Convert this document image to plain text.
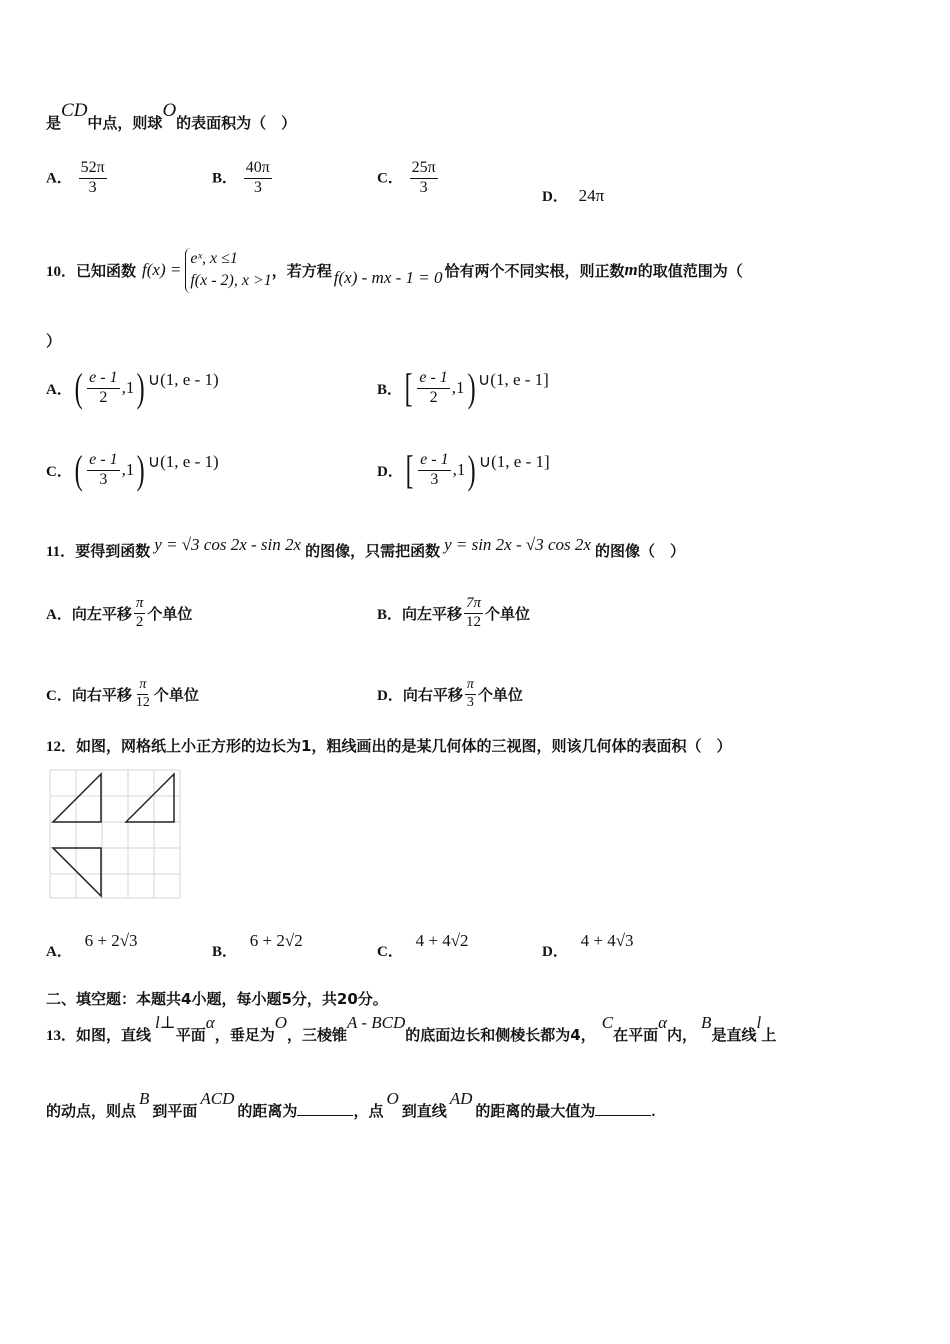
是CD中点，则球O的表面积为（　）
A． $\frac{52\pi}{3}$	B． $\frac{40\pi}{3}$	C． $\frac{25\pi}{3}$
D． 24π
10． 已知函数 f(x) =
eˣ, x ≤1
f(x - 2), x >1
，若方程 f(x) - mx - 1 = 0 恰有两个不同实根，则正数 m 的取值范围为（
）
A． ( $\frac{e - 1}{2} ,1$ ) ∪(1, e - 1)
B． [ $\frac{e - 1}{2} ,1$ ) ∪(1, e - 1]
C． ( $\frac{e - 1}{3} ,1$ ) ∪(1, e - 1)
D． [ $\frac{e - 1}{3} ,1$ ) ∪(1, e - 1]
11．要得到函数 y = √3 cos 2x - sin 2x 的图像，只需把函数 y = sin 2x - √3 cos 2x 的图像（　）
A． 向左平移 $\frac{\pi}{2}$ 个单位	B． 向左平移 $\frac{7\pi}{12}$ 个单位
C． 向右平移 $\frac{\pi}{12}$ 个单位	D． 向右平移 $\frac{\pi}{3}$ 个单位
12．如图，网格纸上小正方形的边长为1，粗线画出的是某几何体的三视图，则该几何体的表面积（　）
A． 6 + 2√3
B． 6 + 2√2
C． 4 + 4√2
D． 4 + 4√3
二、填空题：本题共4小题，每小题5分，共20分。
13．如图，直线l⊥平面α，垂足为O，三棱锥A - BCD的底面边长和侧棱长都为4，C在平面α内，B是直线l上
的动点，则点B到平面ACD的距离为	，点O到直线AD的距离的最大值为	.
